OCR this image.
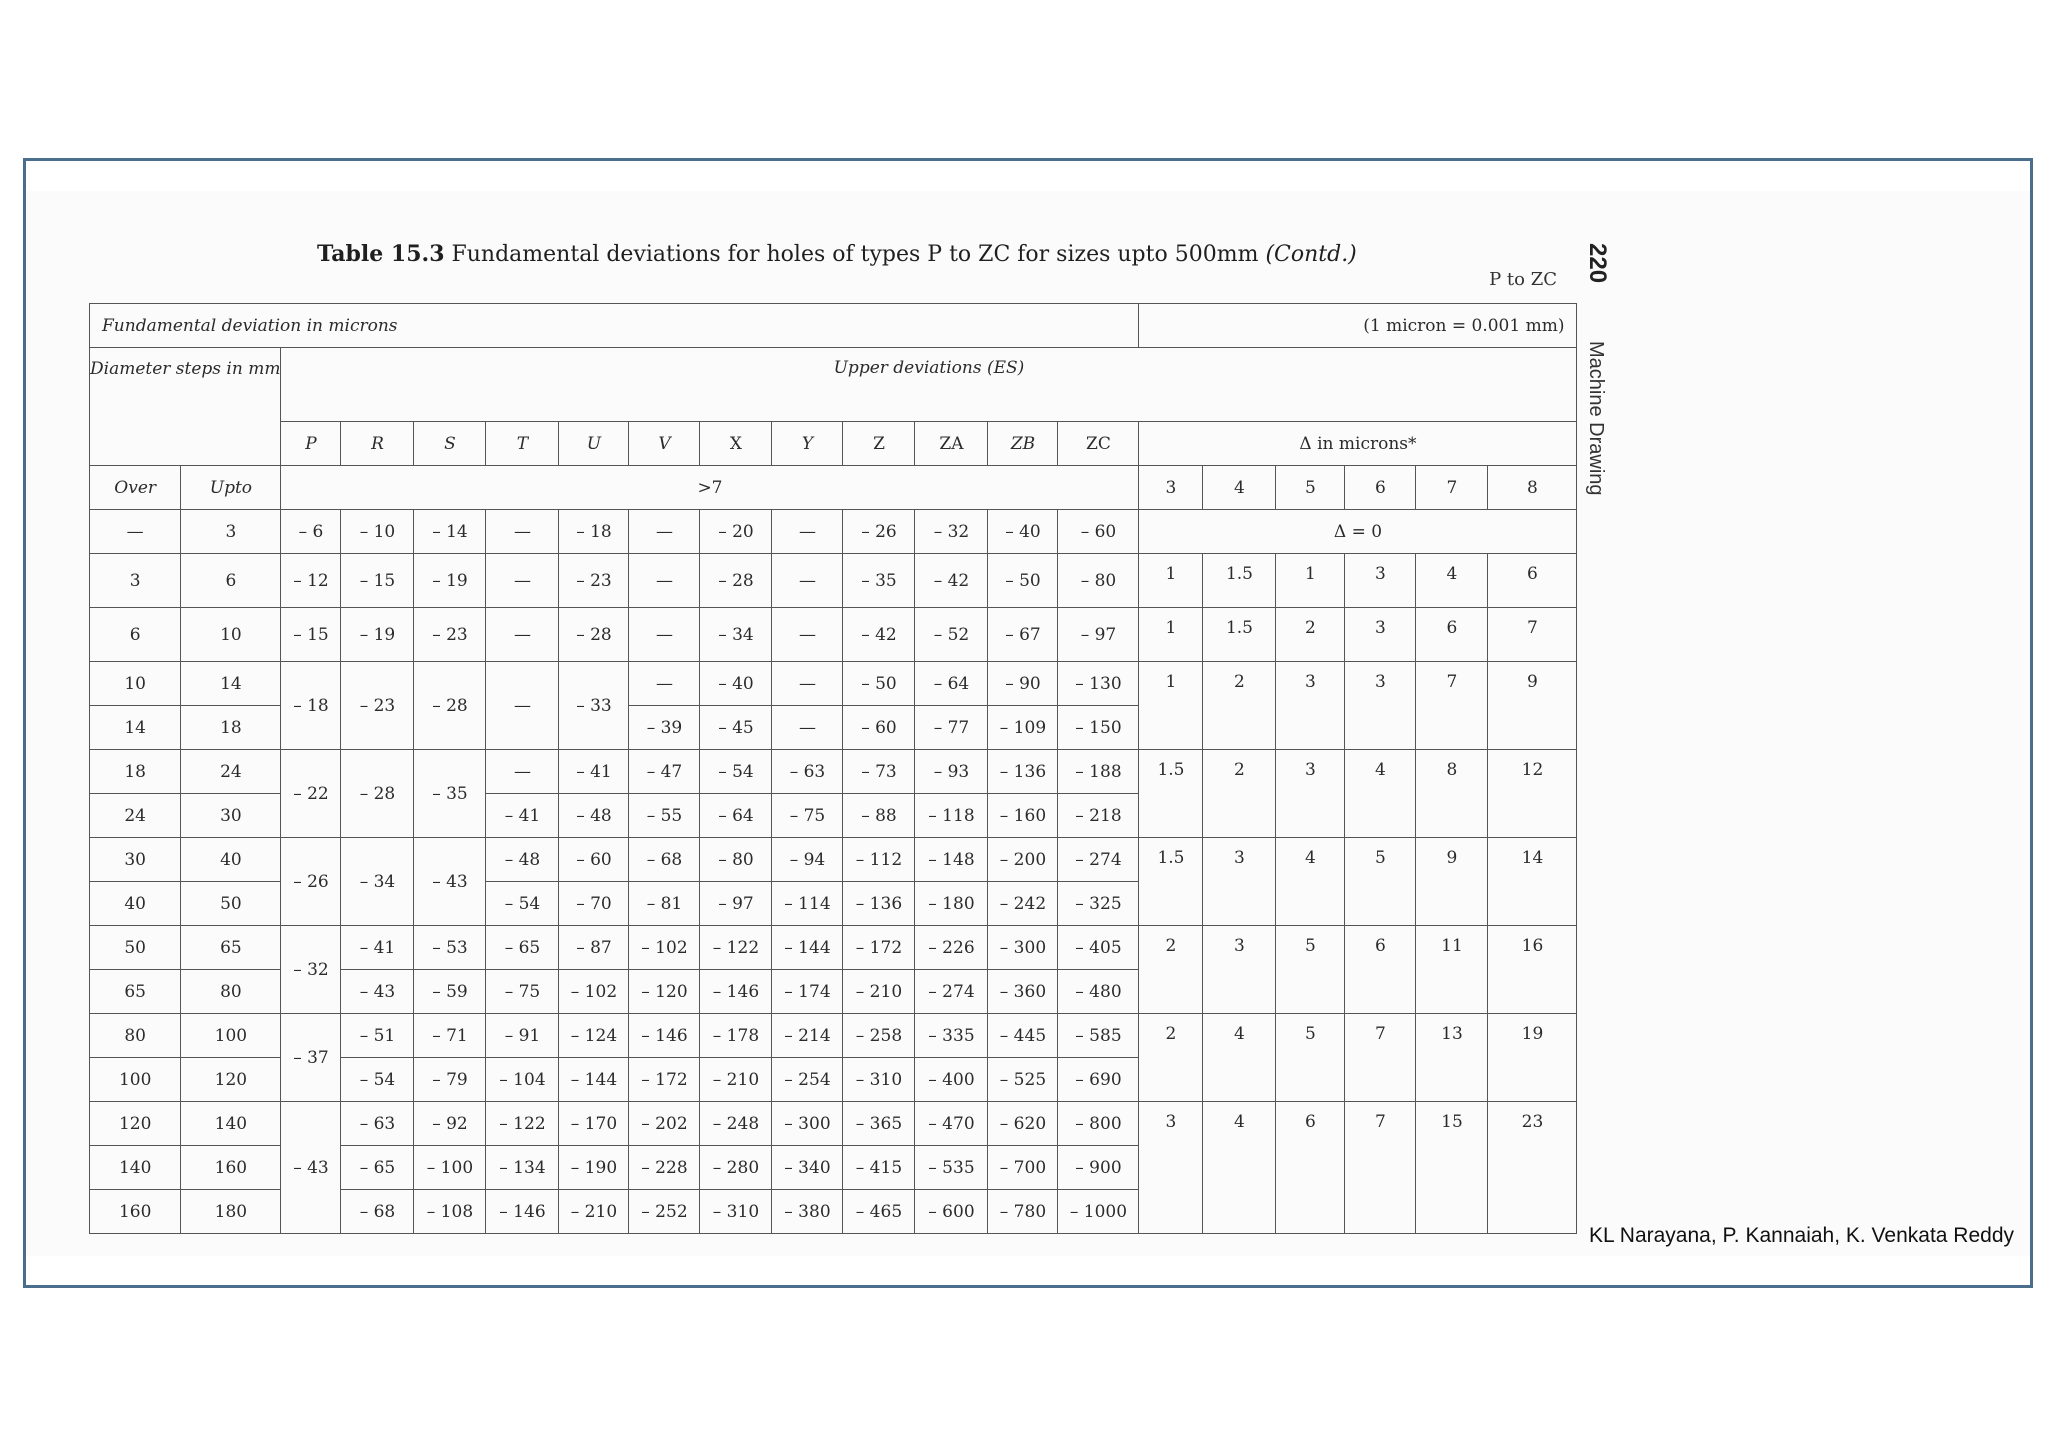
Table 15.3 Fundamental deviations for holes of types P to ZC for sizes upto 500mm (Contd.)
P to ZC 220
Machine Drawing
Fundamental deviation in microns														(1 micron = 0.001 mm)					
Diameter steps in mm		Upper deviations (ES)																	
		P	R	S	T	U	V	X	Y	Z	ZA	ZB	ZC	Δ in microns*					
Over	Upto	>7												3	4	5	6	7	8
—	3	– 6	– 10	– 14	—	– 18	—	– 20	—	– 26	– 32	– 40	– 60	Δ = 0					
3	6	– 12	– 15	– 19	—	– 23	—	– 28	—	– 35	– 42	– 50	– 80	1	1.5	1	3	4	6
6	10	– 15	– 19	– 23	—	– 28	—	– 34	—	– 42	– 52	– 67	– 97	1	1.5	2	3	6	7
10	14	– 18	– 23	– 28	—	– 33	—	– 40	—	– 50	– 64	– 90	– 130	1	2	3	3	7	9
14	18						– 39	– 45	—	– 60	– 77	– 109	– 150						
18	24	– 22	– 28	– 35	—	– 41	– 47	– 54	– 63	– 73	– 93	– 136	– 188	1.5	2	3	4	8	12
24	30				– 41	– 48	– 55	– 64	– 75	– 88	– 118	– 160	– 218						
30	40	– 26	– 34	– 43	– 48	– 60	– 68	– 80	– 94	– 112	– 148	– 200	– 274	1.5	3	4	5	9	14
40	50				– 54	– 70	– 81	– 97	– 114	– 136	– 180	– 242	– 325						
50	65	– 32	– 41	– 53	– 65	– 87	– 102	– 122	– 144	– 172	– 226	– 300	– 405	2	3	5	6	11	16
65	80		– 43	– 59	– 75	– 102	– 120	– 146	– 174	– 210	– 274	– 360	– 480						
80	100	– 37	– 51	– 71	– 91	– 124	– 146	– 178	– 214	– 258	– 335	– 445	– 585	2	4	5	7	13	19
100	120		– 54	– 79	– 104	– 144	– 172	– 210	– 254	– 310	– 400	– 525	– 690						
120	140	– 43	– 63	– 92	– 122	– 170	– 202	– 248	– 300	– 365	– 470	– 620	– 800	3	4	6	7	15	23
140	160		– 65	– 100	– 134	– 190	– 228	– 280	– 340	– 415	– 535	– 700	– 900						
160	180		– 68	– 108	– 146	– 210	– 252	– 310	– 380	– 465	– 600	– 780	– 1000						
KL Narayana, P. Kannaiah, K. Venkata Reddy
